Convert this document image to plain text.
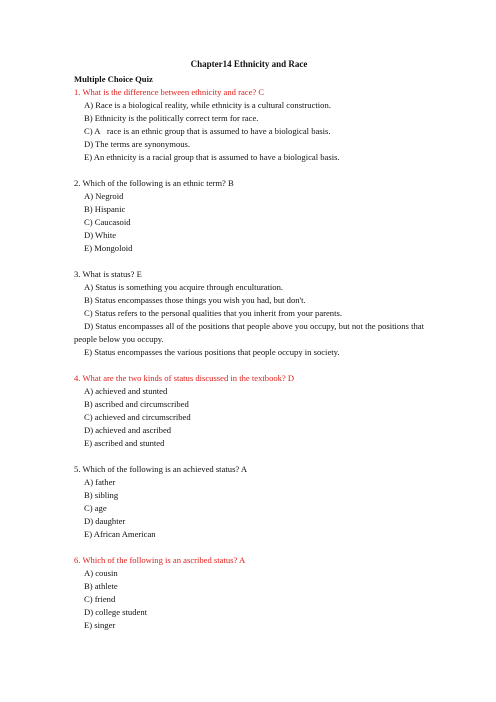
Chapter14 Ethnicity and Race
Multiple Choice Quiz
1. What is the difference between ethnicity and race? C
A) Race is a biological reality, while ethnicity is a cultural construction.
B) Ethnicity is the politically correct term for race.
C) A   race is an ethnic group that is assumed to have a biological basis.
D) The terms are synonymous.
E) An ethnicity is a racial group that is assumed to have a biological basis.
2. Which of the following is an ethnic term? B
A) Negroid
B) Hispanic
C) Caucasoid
D) White
E) Mongoloid
3. What is status? E
A) Status is something you acquire through enculturation.
B) Status encompasses those things you wish you had, but don't.
C) Status refers to the personal qualities that you inherit from your parents.
D) Status encompasses all of the positions that people above you occupy, but not the positions that people below you occupy.
E) Status encompasses the various positions that people occupy in society.
4. What are the two kinds of status discussed in the textbook? D
A) achieved and stunted
B) ascribed and circumscribed
C) achieved and circumscribed
D) achieved and ascribed
E) ascribed and stunted
5. Which of the following is an achieved status? A
A) father
B) sibling
C) age
D) daughter
E) African American
6. Which of the following is an ascribed status? A
A) cousin
B) athlete
C) friend
D) college student
E) singer
